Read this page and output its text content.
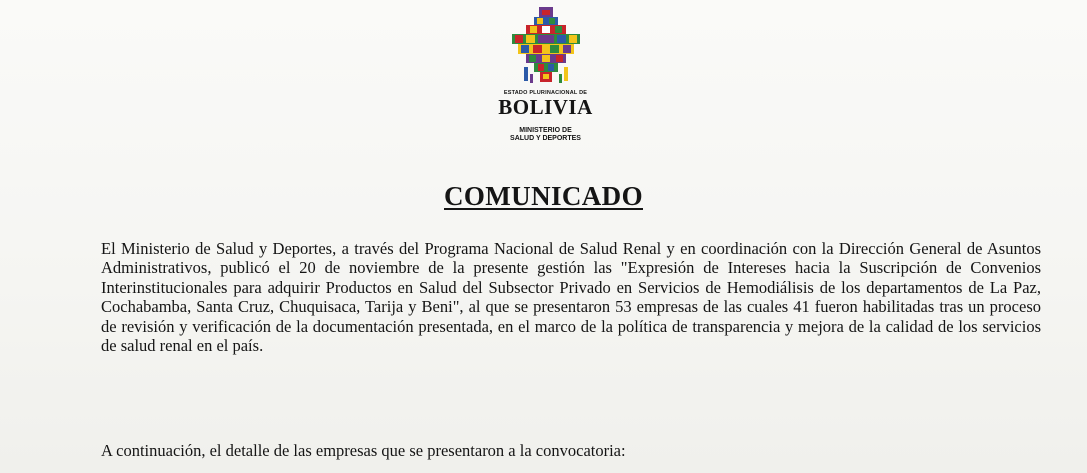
ESTADO PLURINACIONAL DE
BOLIVIA
MINISTERIO DE
SALUD Y DEPORTES
COMUNICADO

El Ministerio de Salud y Deportes, a través del Programa Nacional de Salud Renal y en coordinación con la Dirección General de Asuntos Administrativos, publicó el 20 de noviembre de la presente gestión las "Expresión de Intereses hacia la Suscripción de Convenios Interinstitucionales para adquirir Productos en Salud del Subsector Privado en Servicios de Hemodiálisis de los departamentos de La Paz, Cochabamba, Santa Cruz, Chuquisaca, Tarija y Beni", al que se presentaron 53 empresas de las cuales 41 fueron habilitadas tras un proceso de revisión y verificación de la documentación presentada, en el marco de la política de transparencia y mejora de la calidad de los servicios de salud renal en el país.

A continuación, el detalle de las empresas que se presentaron a la convocatoria:
